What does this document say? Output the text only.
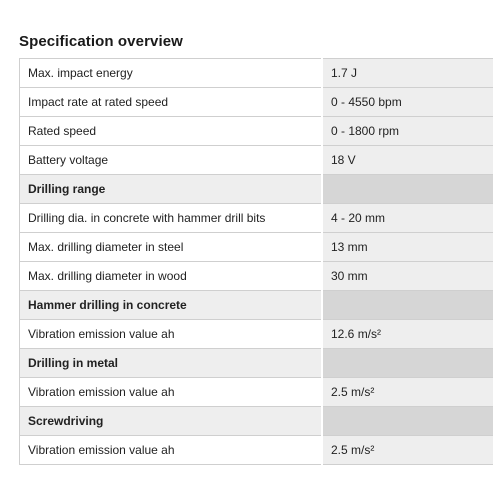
Specification overview
Max. impact energy	1.7 J
Impact rate at rated speed	0 - 4550 bpm
Rated speed	0 - 1800 rpm
Battery voltage	18 V
Drilling range	
Drilling dia. in concrete with hammer drill bits	4 - 20 mm
Max. drilling diameter in steel	13 mm
Max. drilling diameter in wood	30 mm
Hammer drilling in concrete	
Vibration emission value ah	12.6 m/s²
Drilling in metal	
Vibration emission value ah	2.5 m/s²
Screwdriving	
Vibration emission value ah	2.5 m/s²
